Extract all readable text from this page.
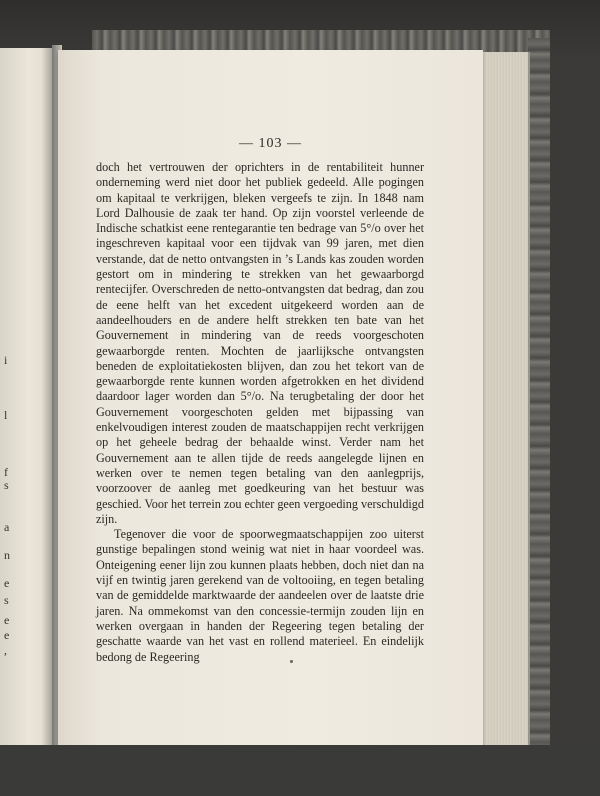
i
l
f
s
a
n
e
s
e
e
,
— 103 —

doch het vertrouwen der oprichters in de rentabiliteit hunner onderneming werd niet door het publiek gedeeld. Alle pogingen om kapitaal te verkrijgen, bleken vergeefs te zijn. In 1848 nam Lord Dalhousie de zaak ter hand. Op zijn voorstel verleende de Indische schatkist eene rentegarantie ten bedrage van 5°/o over het ingeschreven kapitaal voor een tijdvak van 99 jaren, met dien verstande, dat de netto ontvangsten in ’s Lands kas zouden worden gestort om in mindering te strekken van het gewaarborgd rentecijfer. Overschreden de netto-ontvangsten dat bedrag, dan zou de eene helft van het excedent uitgekeerd worden aan de aandeelhouders en de andere helft strekken ten bate van het Gouvernement in mindering van de reeds voorgeschoten gewaarborgde renten. Mochten de jaarlijksche ontvangsten beneden de exploitatiekosten blijven, dan zou het tekort van de gewaarborgde rente kunnen worden afgetrokken en het dividend daardoor lager worden dan 5°/o. Na terugbetaling der door het Gouvernement voorgeschoten gelden met bijpassing van enkelvoudigen interest zouden de maatschappijen recht verkrijgen op het geheele bedrag der behaalde winst. Verder nam het Gouvernement aan te allen tijde de reeds aangelegde lijnen en werken over te nemen tegen betaling van den aanlegprijs, voorzoover de aanleg met goedkeuring van het bestuur was geschied. Voor het terrein zou echter geen vergoeding verschuldigd zijn.

Tegenover die voor de spoorwegmaatschappijen zoo uiterst gunstige bepalingen stond weinig wat niet in haar voordeel was. Onteigening eener lijn zou kunnen plaats hebben, doch niet dan na vijf en twintig jaren gerekend van de voltooiing, en tegen betaling van de gemiddelde marktwaarde der aandeelen over de laatste drie jaren. Na ommekomst van den concessie-termijn zouden lijn en werken overgaan in handen der Regeering tegen betaling der geschatte waarde van het vast en rollend materieel. En eindelijk bedong de Regeering
